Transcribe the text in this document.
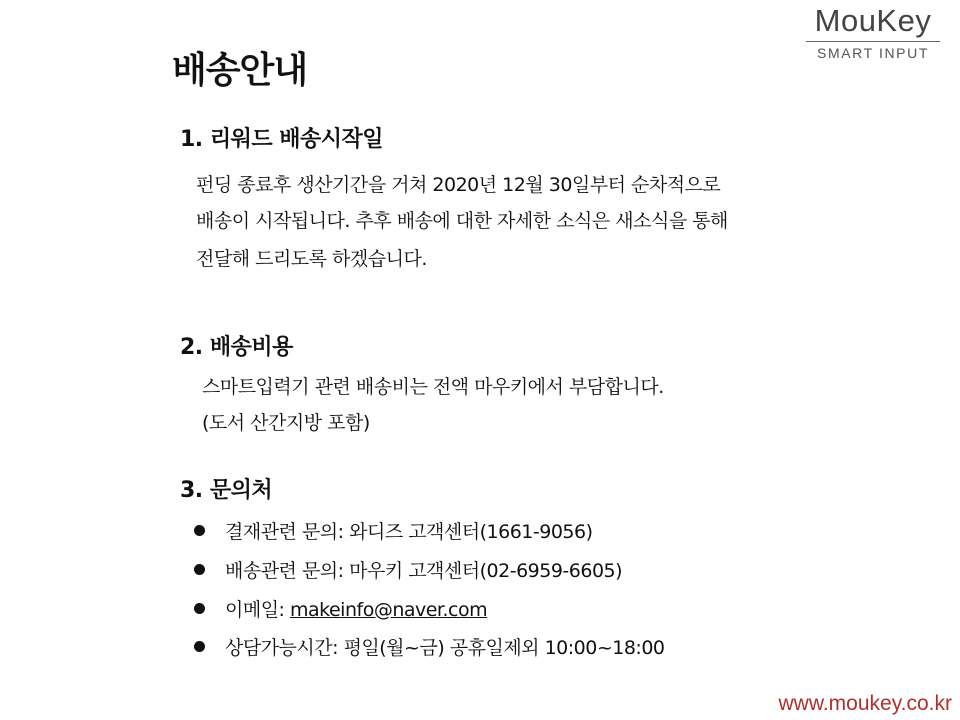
MouKey
SMART INPUT
배송안내
1. 리워드 배송시작일
펀딩 종료후 생산기간을 거쳐 2020년 12월 30일부터 순차적으로
배송이 시작됩니다. 추후 배송에 대한 자세한 소식은 새소식을 통해
전달해 드리도록 하겠습니다.
2. 배송비용
스마트입력기 관련 배송비는 전액 마우키에서 부담합니다.
(도서 산간지방 포함)
3. 문의처
결재관련 문의: 와디즈 고객센터(1661-9056)
배송관련 문의: 마우키 고객센터(02-6959-6605)
이메일: makeinfo@naver.com
상담가능시간: 평일(월~금) 공휴일제외 10:00~18:00
www.moukey.co.kr
